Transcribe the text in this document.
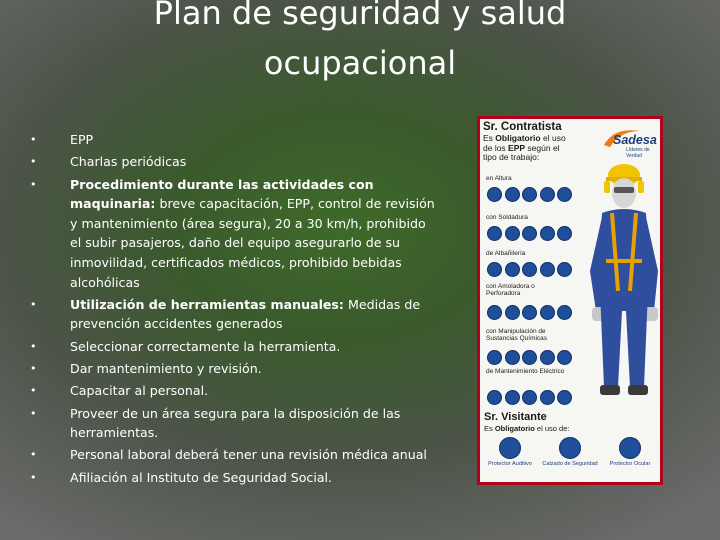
Plan de seguridad y salud
ocupacional
•	EPP
•	Charlas periódicas
•	Procedimiento durante las actividades con maquinaria: breve capacitación, EPP, control de revisión y mantenimiento (área segura), 20 a 30 km/h, prohibido el subir pasajeros, daño del equipo asegurarlo de su inmovilidad, certificados médicos, prohibido bebidas alcohólicas
•	Utilización de herramientas manuales: Medidas de prevención accidentes generados
•	Seleccionar correctamente la herramienta.
•	Dar mantenimiento y revisión.
•	Capacitar al personal.
•	Proveer de un área segura para la disposición de las herramientas.
•	Personal laboral deberá tener una revisión médica anual
•	Afiliación al Instituto de Seguridad Social.
Sr. Contratista
Es Obligatorio el uso
de los EPP según el
tipo de trabajo:
Sadesa
Líderes de Verdad
en Altura
con Soldadura
de Albañilería
con Amoladora o Perforadora
con Manipulación de Sustancias Químicas
de Mantenimiento Eléctrico
Sr. Visitante
Es Obligatorio el uso de:
Protector Auditivo Calzado de Seguridad Protector Ocular
